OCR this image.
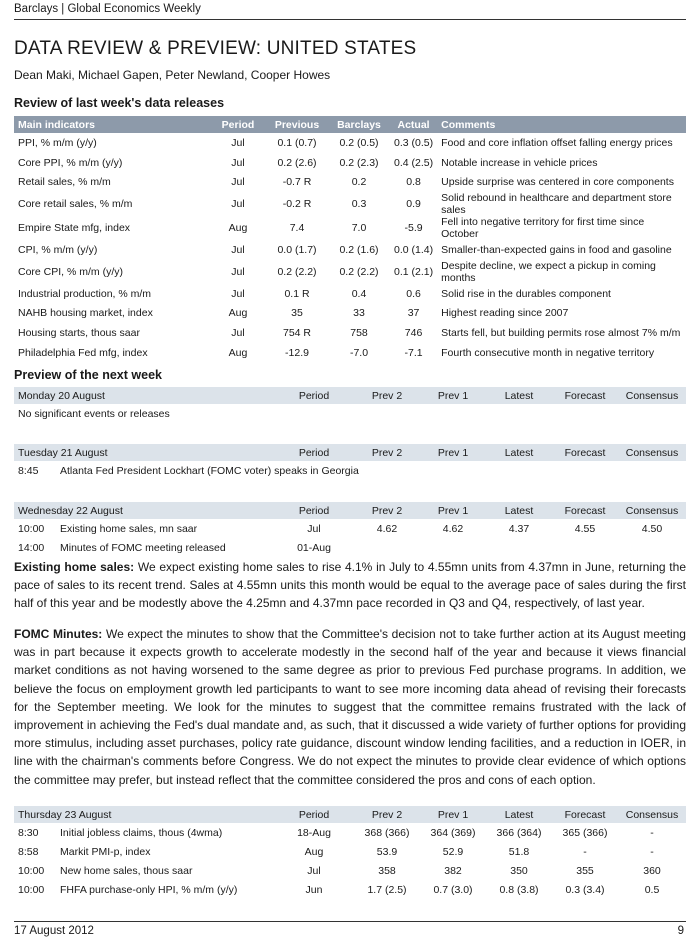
Barclays | Global Economics Weekly
DATA REVIEW & PREVIEW: UNITED STATES
Dean Maki, Michael Gapen, Peter Newland, Cooper Howes
Review of last week's data releases
Main indicators	Period	Previous	Barclays	Actual	Comments
PPI, % m/m (y/y)	Jul	0.1 (0.7)	0.2 (0.5)	0.3 (0.5)	Food and core inflation offset falling energy prices
Core PPI, % m/m (y/y)	Jul	0.2 (2.6)	0.2 (2.3)	0.4 (2.5)	Notable increase in vehicle prices
Retail sales, % m/m	Jul	-0.7 R	0.2	0.8	Upside surprise was centered in core components
Core retail sales, % m/m	Jul	-0.2 R	0.3	0.9	Solid rebound in healthcare and department store sales
Empire State mfg, index	Aug	7.4	7.0	-5.9	Fell into negative territory for first time since October
CPI, % m/m (y/y)	Jul	0.0 (1.7)	0.2 (1.6)	0.0 (1.4)	Smaller-than-expected gains in food and gasoline
Core CPI, % m/m (y/y)	Jul	0.2 (2.2)	0.2 (2.2)	0.1 (2.1)	Despite decline, we expect a pickup in coming months
Industrial production, % m/m	Jul	0.1 R	0.4	0.6	Solid rise in the durables component
NAHB housing market, index	Aug	35	33	37	Highest reading since 2007
Housing starts, thous saar	Jul	754 R	758	746	Starts fell, but building permits rose almost 7% m/m
Philadelphia Fed mfg, index	Aug	-12.9	-7.0	-7.1	Fourth consecutive month in negative territory
Preview of the next week
Monday 20 August	Period	Prev 2	Prev 1	Latest	Forecast	Consensus
No significant events or releases
Tuesday 21 August		Period	Prev 2	Prev 1	Latest	Forecast	Consensus
8:45	Atlanta Fed President Lockhart (FOMC voter) speaks in Georgia						
Wednesday 22 August		Period	Prev 2	Prev 1	Latest	Forecast	Consensus
10:00	Existing home sales, mn saar	Jul	4.62	4.62	4.37	4.55	4.50
14:00	Minutes of FOMC meeting released	01-Aug					

Existing home sales: We expect existing home sales to rise 4.1% in July to 4.55mn units from 4.37mn in June, returning the pace of sales to its recent trend. Sales at 4.55mn units this month would be equal to the average pace of sales during the first half of this year and be modestly above the 4.25mn and 4.37mn pace recorded in Q3 and Q4, respectively, of last year.

FOMC Minutes: We expect the minutes to show that the Committee's decision not to take further action at its August meeting was in part because it expects growth to accelerate modestly in the second half of the year and because it views financial market conditions as not having worsened to the same degree as prior to previous Fed purchase programs. In addition, we believe the focus on employment growth led participants to want to see more incoming data ahead of revising their forecasts for the September meeting. We look for the minutes to suggest that the committee remains frustrated with the lack of improvement in achieving the Fed's dual mandate and, as such, that it discussed a wide variety of further options for providing more stimulus, including asset purchases, policy rate guidance, discount window lending facilities, and a reduction in IOER, in line with the chairman's comments before Congress. We do not expect the minutes to provide clear evidence of which options the committee may prefer, but instead reflect that the committee considered the pros and cons of each option.

Thursday 23 August		Period	Prev 2	Prev 1	Latest	Forecast	Consensus
8:30	Initial jobless claims, thous (4wma)	18-Aug	368 (366)	364 (369)	366 (364)	365 (366)	-
8:58	Markit PMI-p, index	Aug	53.9	52.9	51.8	-	-
10:00	New home sales, thous saar	Jul	358	382	350	355	360
10:00	FHFA purchase-only HPI, % m/m (y/y)	Jun	1.7 (2.5)	0.7 (3.0)	0.8 (3.8)	0.3 (3.4)	0.5
17 August 2012	9
